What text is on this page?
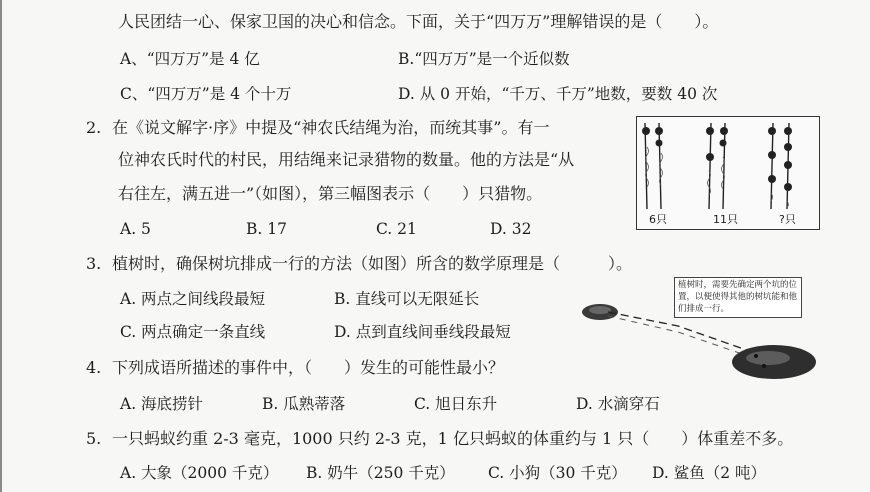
人民团结一心、保家卫国的决心和信念。下面，关于“四万万”理解错误的是（　　）。
A、“四万万”是 4 亿	B.“四万万”是一个近似数
C、“四万万”是 4 个十万	D. 从 0 开始，“千万、千万”地数，要数 40 次
2. 在《说文解字·序》中提及“神农氏结绳为治，而统其事”。有一
位神农氏时代的村民，用结绳来记录猎物的数量。他的方法是“从
右往左，满五进一”（如图），第三幅图表示（　　）只猎物。
A. 5	B. 17	C. 21	D. 32
6只	11只	?只
3. 植树时，确保树坑排成一行的方法（如图）所含的数学原理是（　　　）。
A. 两点之间线段最短	B. 直线可以无限延长
C. 两点确定一条直线	D. 点到直线间垂线段最短
植树时，需要先确定两个坑的位置，以便使得其他的树坑能和他们排成一行。
4. 下列成语所描述的事件中，（　　）发生的可能性最小？
A. 海底捞针	B. 瓜熟蒂落	C. 旭日东升	D. 水滴穿石
5. 一只蚂蚁约重 2-3 毫克，1000 只约 2-3 克，1 亿只蚂蚁的体重约与 1 只（　　）体重差不多。
A. 大象（2000 千克） B. 奶牛（250 千克） C. 小狗（30 千克） D. 鲨鱼（2 吨）
